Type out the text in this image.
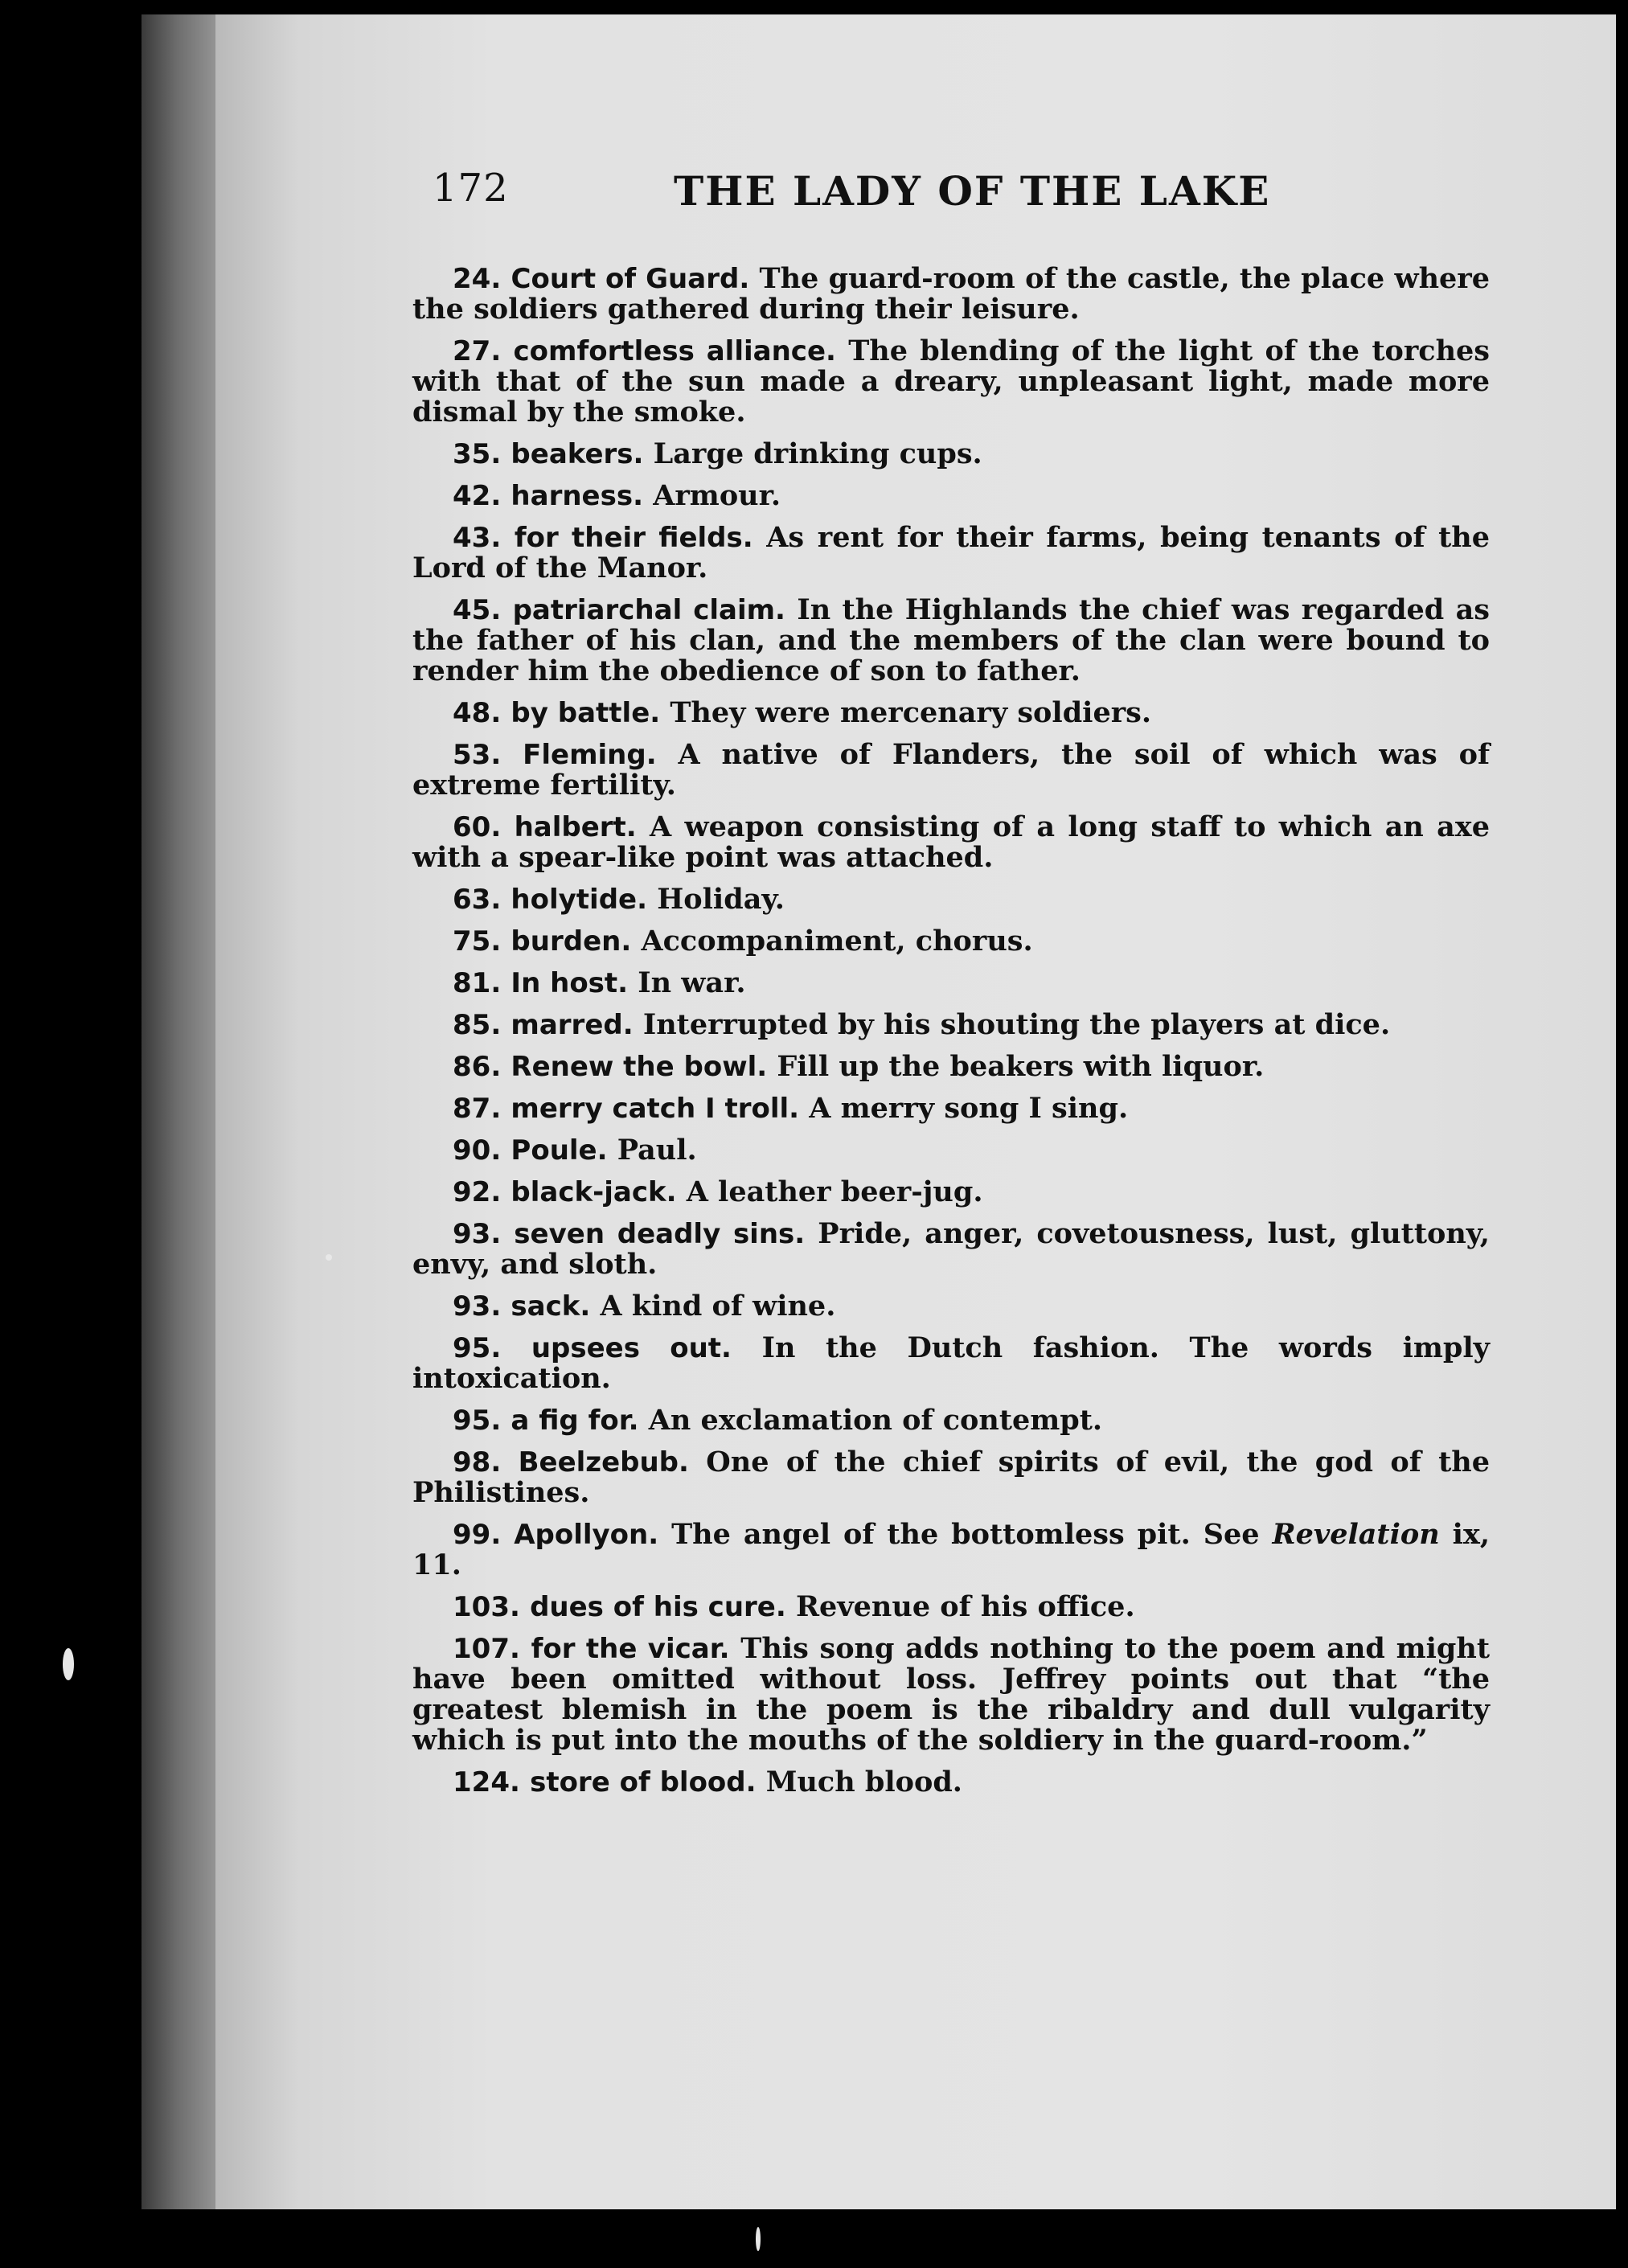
172	THE LADY OF THE LAKE

24. Court of Guard. The guard-room of the castle, the place where the soldiers gathered during their leisure.

27. comfortless alliance. The blending of the light of the torches with that of the sun made a dreary, unpleasant light, made more dismal by the smoke.

35. beakers. Large drinking cups.

42. harness. Armour.

43. for their fields. As rent for their farms, being tenants of the Lord of the Manor.

45. patriarchal claim. In the Highlands the chief was regarded as the father of his clan, and the members of the clan were bound to render him the obedience of son to father.

48. by battle. They were mercenary soldiers.

53. Fleming. A native of Flanders, the soil of which was of extreme fertility.

60. halbert. A weapon consisting of a long staff to which an axe with a spear-like point was attached.

63. holytide. Holiday.

75. burden. Accompaniment, chorus.

81. In host. In war.

85. marred. Interrupted by his shouting the players at dice.

86. Renew the bowl. Fill up the beakers with liquor.

87. merry catch I troll. A merry song I sing.

90. Poule. Paul.

92. black-jack. A leather beer-jug.

93. seven deadly sins. Pride, anger, covetousness, lust, gluttony, envy, and sloth.

93. sack. A kind of wine.

95. upsees out. In the Dutch fashion. The words imply intoxication.

95. a fig for. An exclamation of contempt.

98. Beelzebub. One of the chief spirits of evil, the god of the Philistines.

99. Apollyon. The angel of the bottomless pit. See Revelation ix, 11.

103. dues of his cure. Revenue of his office.

107. for the vicar. This song adds nothing to the poem and might have been omitted without loss. Jeffrey points out that “the greatest blemish in the poem is the ribaldry and dull vulgarity which is put into the mouths of the soldiery in the guard-room.”

124. store of blood. Much blood.
